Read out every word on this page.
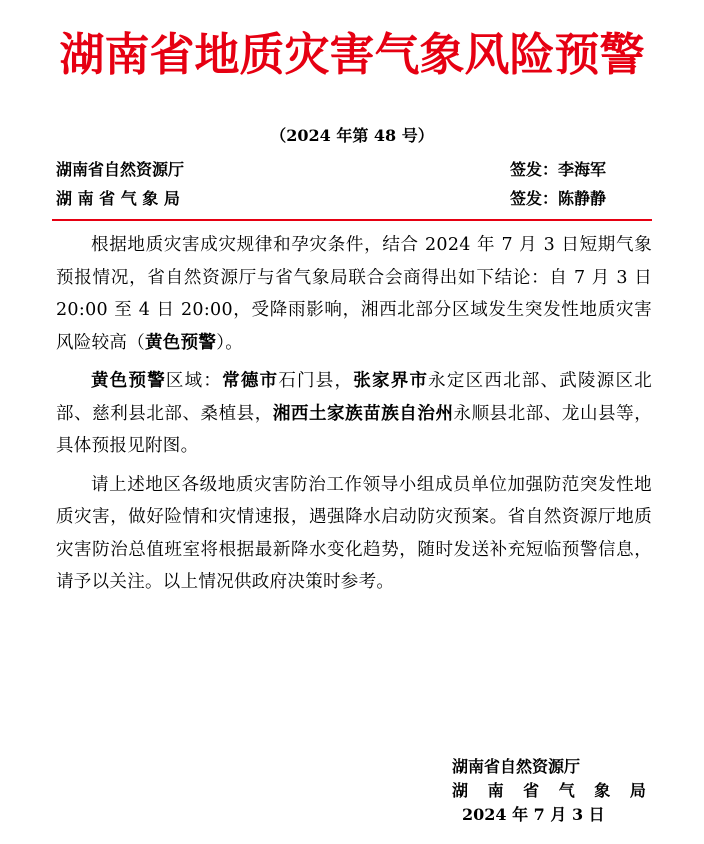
湖南省地质灾害气象风险预警
（2024 年第 48 号）
湖南省自然资源厅	签发：李海军
湖 南 省 气 象 局	签发：陈静静

根据地质灾害成灾规律和孕灾条件，结合 2024 年 7 月 3 日短期气象预报情况，省自然资源厅与省气象局联合会商得出如下结论：自 7 月 3 日 20:00 至 4 日 20:00，受降雨影响，湘西北部分区域发生突发性地质灾害风险较高（黄色预警）。

黄色预警区域：常德市石门县，张家界市永定区西北部、武陵源区北部、慈利县北部、桑植县，湘西土家族苗族自治州永顺县北部、龙山县等，具体预报见附图。

请上述地区各级地质灾害防治工作领导小组成员单位加强防范突发性地质灾害，做好险情和灾情速报，遇强降水启动防灾预案。省自然资源厅地质灾害防治总值班室将根据最新降水变化趋势，随时发送补充短临预警信息，请予以关注。以上情况供政府决策时参考。

湖南省自然资源厅
湖 南 省 气 象 局
2024 年 7 月 3 日
